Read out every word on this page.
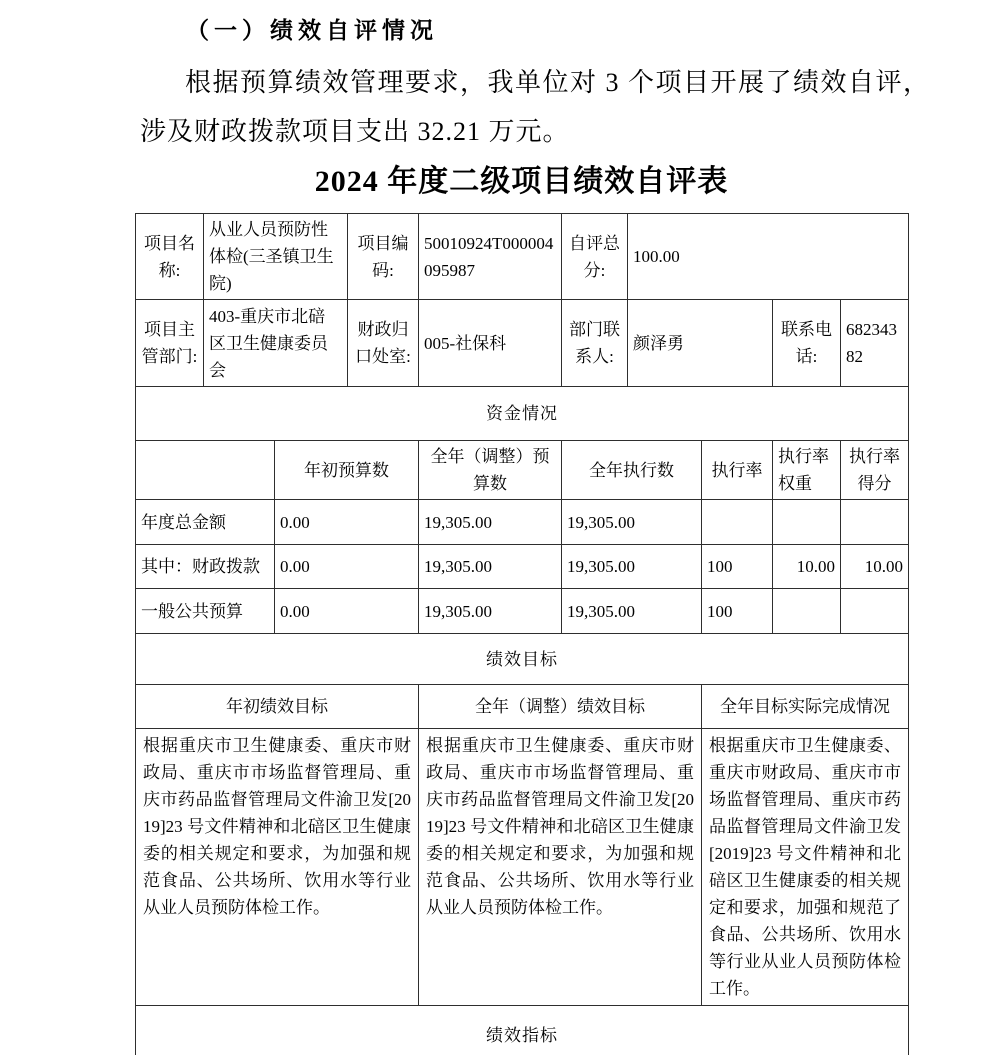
（一）绩效自评情况
根据预算绩效管理要求，我单位对 3 个项目开展了绩效自评，
涉及财政拨款项目支出 32.21 万元。
2024 年度二级项目绩效自评表
项目名称:	从业人员预防性体检(三圣镇卫生院)		项目编码:	50010924T000004095987	自评总分:	100.00			
项目主管部门:	403-重庆市北碚区卫生健康委员会		财政归口处室:	005-社保科	部门联系人:	颜泽勇		联系电话:	68234382
资金情况									
		年初预算数		全年（调整）预算数	全年执行数		执行率	执行率权重	执行率得分
年度总金额		0.00		19,305.00	19,305.00				
其中：财政拨款		0.00		19,305.00	19,305.00		100	10.00	10.00
一般公共预算		0.00		19,305.00	19,305.00		100		
绩效目标									
年初绩效目标				全年（调整）绩效目标			全年目标实际完成情况		
根据重庆市卫生健康委、重庆市财政局、重庆市市场监督管理局、重庆市药品监督管理局文件渝卫发[2019]23 号文件精神和北碚区卫生健康委的相关规定和要求，为加强和规范食品、公共场所、饮用水等行业从业人员预防体检工作。				根据重庆市卫生健康委、重庆市财政局、重庆市市场监督管理局、重庆市药品监督管理局文件渝卫发[2019]23 号文件精神和北碚区卫生健康委的相关规定和要求，为加强和规范食品、公共场所、饮用水等行业从业人员预防体检工作。			根据重庆市卫生健康委、重庆市财政局、重庆市市场监督管理局、重庆市药品监督管理局文件渝卫发[2019]23 号文件精神和北碚区卫生健康委的相关规定和要求，加强和规范了食品、公共场所、饮用水等行业从业人员预防体检工作。		
绩效指标									
